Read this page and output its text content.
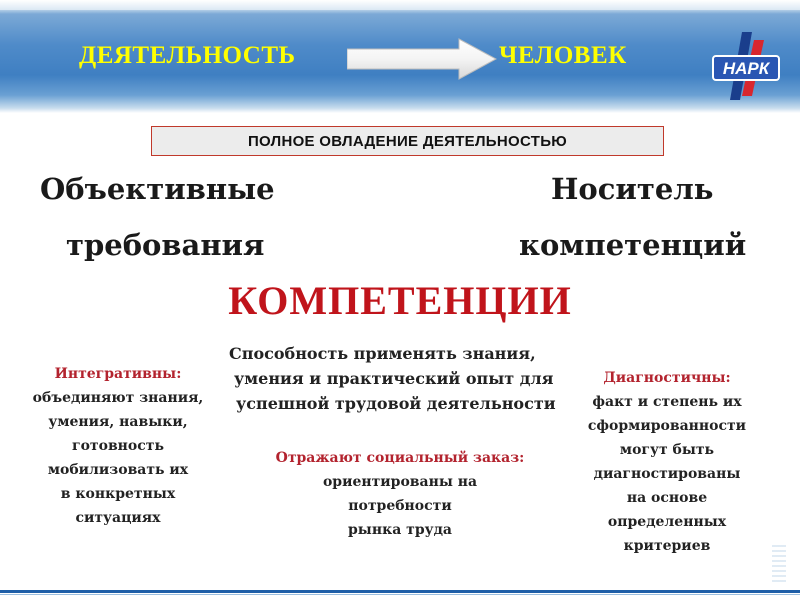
ДЕЯТЕЛЬНОСТЬ	ЧЕЛОВЕК	НАРК
ПОЛНОЕ ОВЛАДЕНИЕ ДЕЯТЕЛЬНОСТЬЮ
Объективные
требования
Носитель
компетенций
КОМПЕТЕНЦИИ
Способность применять знания,
умения и практический опыт для
успешной трудовой деятельности
Интегративны:
объединяют знания,
умения, навыки,
готовность
мобилизовать их
в конкретных
ситуациях
Отражают социальный заказ:
ориентированы на
потребности
рынка труда
Диагностичны:
факт и степень их
сформированности
могут быть
диагностированы
на основе
определенных
критериев
